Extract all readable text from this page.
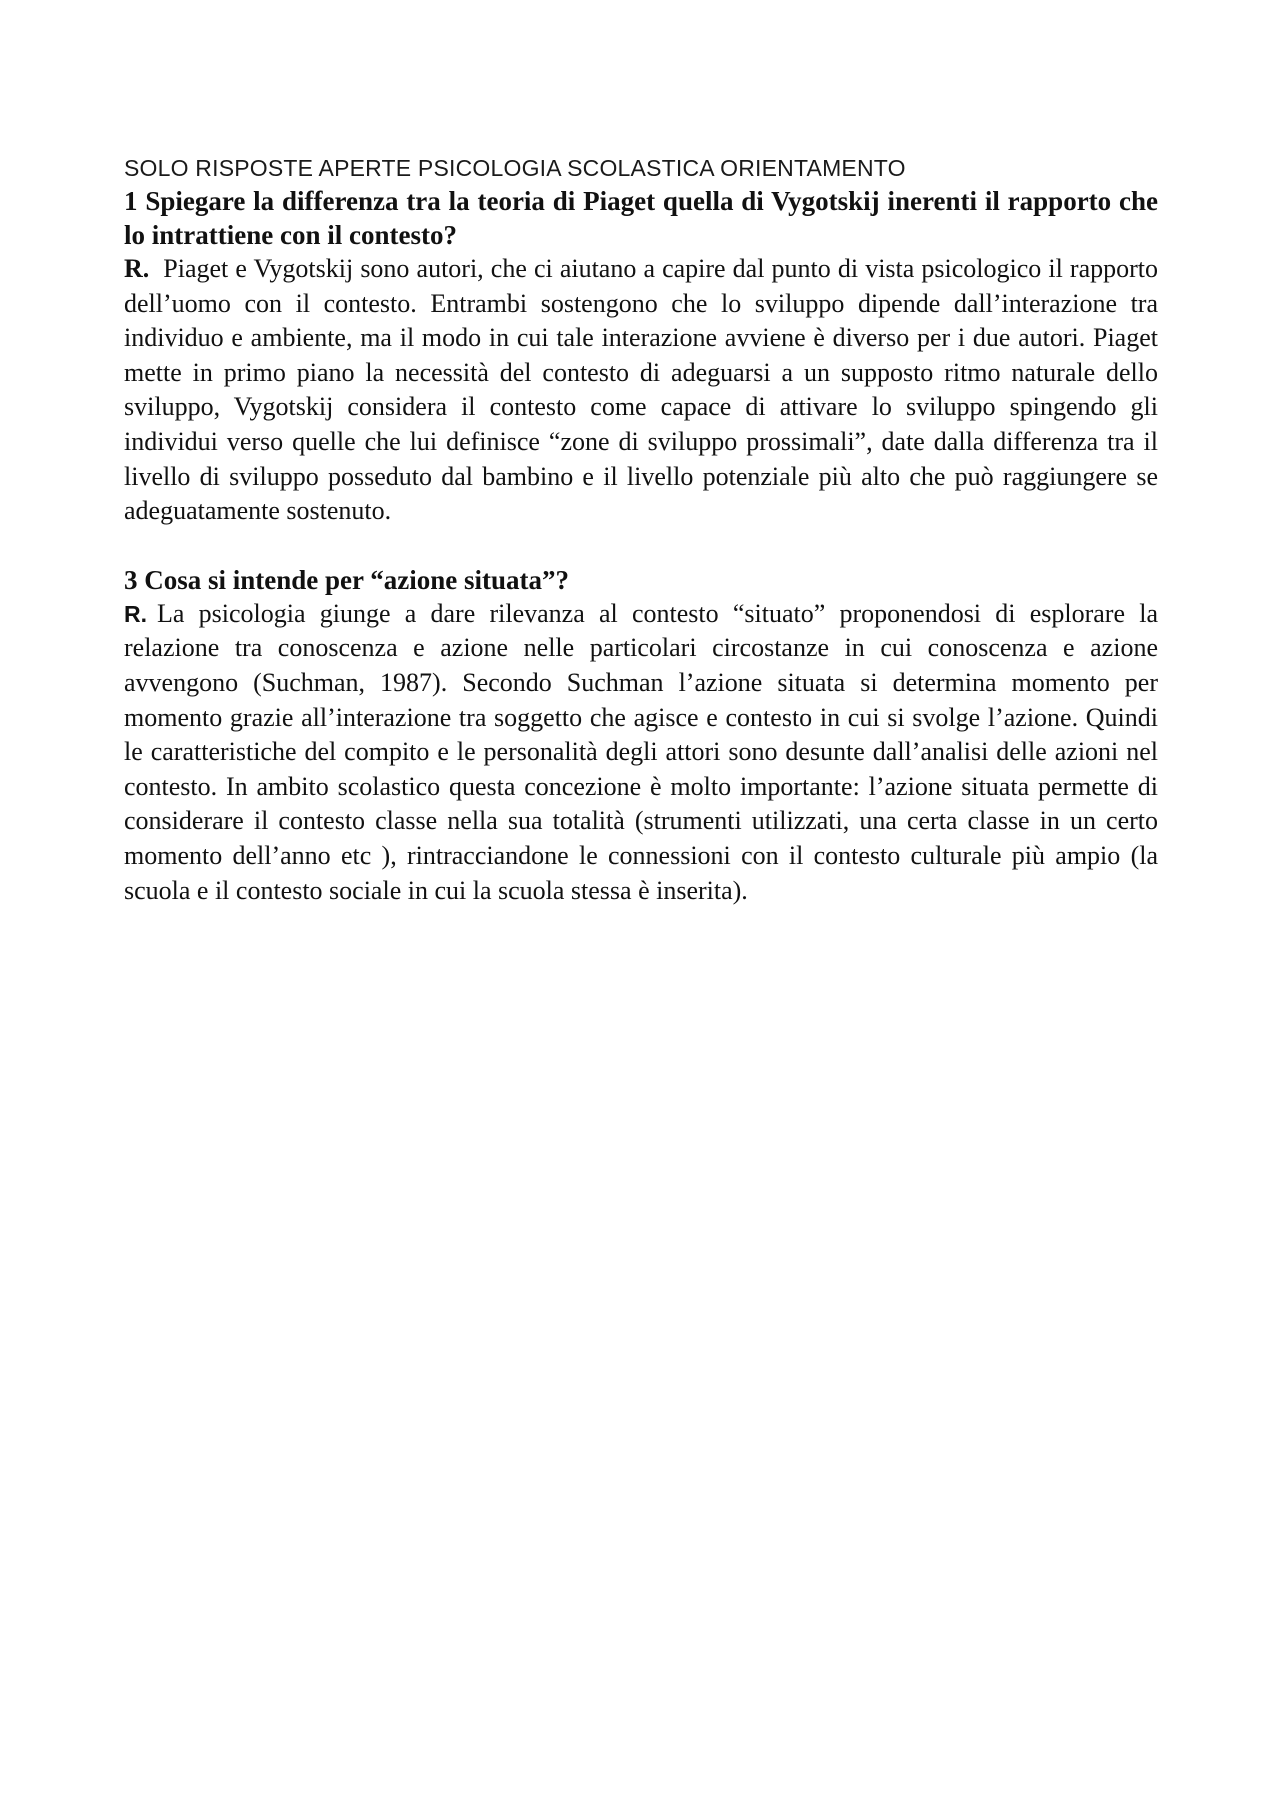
SOLO RISPOSTE APERTE PSICOLOGIA SCOLASTICA ORIENTAMENTO

1 Spiegare la differenza tra la teoria di Piaget quella di Vygotskij inerenti il rapporto che lo intrattiene con il contesto?

R. Piaget e Vygotskij sono autori, che ci aiutano a capire dal punto di vista psicologico il rapporto dell’uomo con il contesto. Entrambi sostengono che lo sviluppo dipende dall’interazione tra individuo e ambiente, ma il modo in cui tale interazione avviene è diverso per i due autori. Piaget mette in primo piano la necessità del contesto di adeguarsi a un supposto ritmo naturale dello sviluppo, Vygotskij considera il contesto come capace di attivare lo sviluppo spingendo gli individui verso quelle che lui definisce “zone di sviluppo prossimali”, date dalla differenza tra il livello di sviluppo posseduto dal bambino e il livello potenziale più alto che può raggiungere se adeguatamente sostenuto.

3 Cosa si intende per “azione situata”?

R. La psicologia giunge a dare rilevanza al contesto “situato” proponendosi di esplorare la relazione tra conoscenza e azione nelle particolari circostanze in cui conoscenza e azione avvengono (Suchman, 1987). Secondo Suchman l’azione situata si determina momento per momento grazie all’interazione tra soggetto che agisce e contesto in cui si svolge l’azione. Quindi le caratteristiche del compito e le personalità degli attori sono desunte dall’analisi delle azioni nel contesto. In ambito scolastico questa concezione è molto importante: l’azione situata permette di considerare il contesto classe nella sua totalità (strumenti utilizzati, una certa classe in un certo momento dell’anno etc ), rintracciandone le connessioni con il contesto culturale più ampio (la scuola e il contesto sociale in cui la scuola stessa è inserita).
